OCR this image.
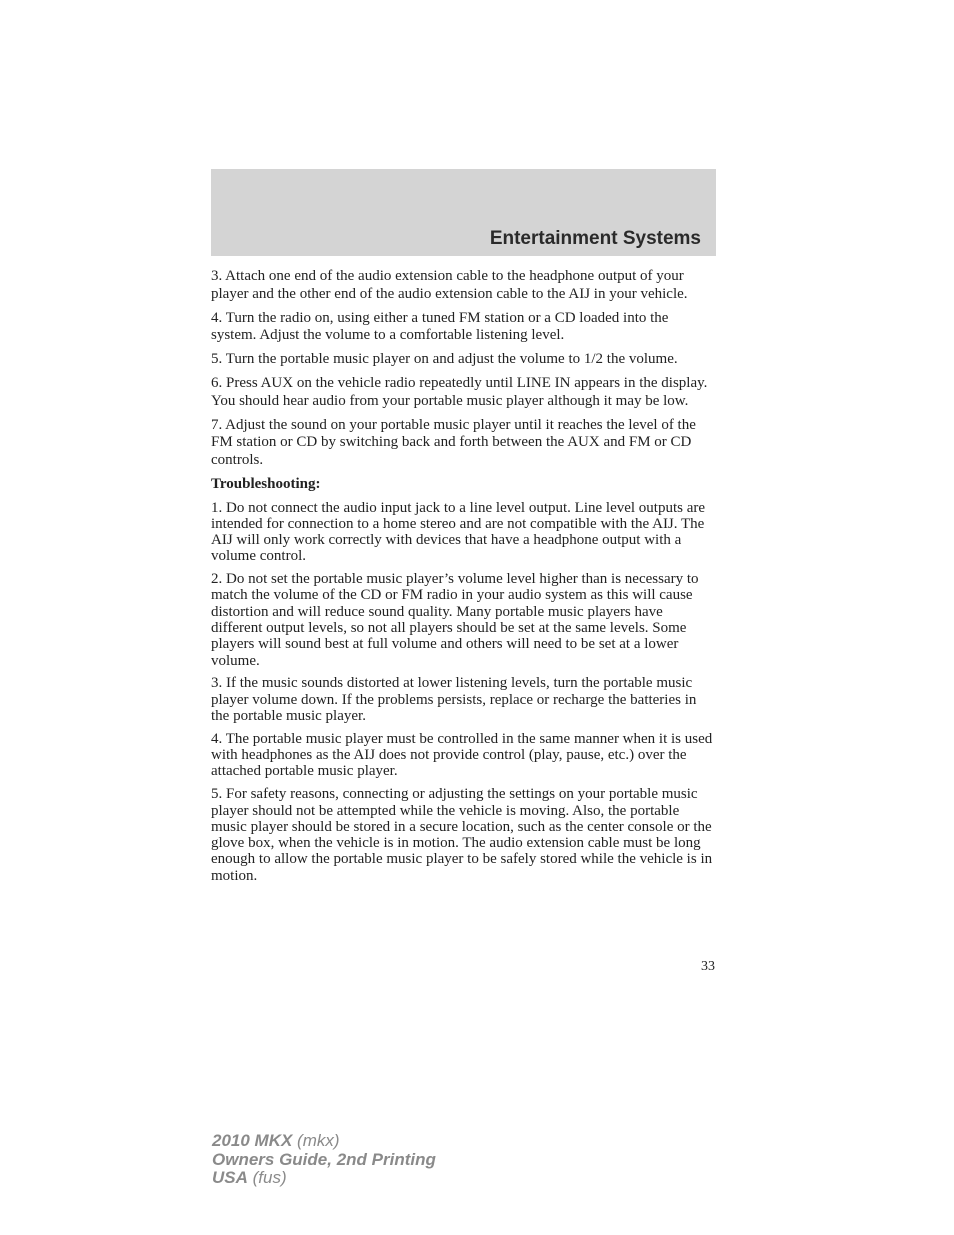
Entertainment Systems

3. Attach one end of the audio extension cable to the headphone output of your player and the other end of the audio extension cable to the AIJ in your vehicle.

4. Turn the radio on, using either a tuned FM station or a CD loaded into the system. Adjust the volume to a comfortable listening level.

5. Turn the portable music player on and adjust the volume to 1/2 the volume.

6. Press AUX on the vehicle radio repeatedly until LINE IN appears in the display.

You should hear audio from your portable music player although it may be low.

7. Adjust the sound on your portable music player until it reaches the level of the FM station or CD by switching back and forth between the AUX and FM or CD controls.

Troubleshooting:

1. Do not connect the audio input jack to a line level output. Line level outputs are intended for connection to a home stereo and are not compatible with the AIJ. The AIJ will only work correctly with devices that have a headphone output with a volume control.

2. Do not set the portable music player’s volume level higher than is necessary to match the volume of the CD or FM radio in your audio system as this will cause distortion and will reduce sound quality. Many portable music players have different output levels, so not all players should be set at the same levels. Some players will sound best at full volume and others will need to be set at a lower volume.

3. If the music sounds distorted at lower listening levels, turn the portable music player volume down. If the problems persists, replace or recharge the batteries in the portable music player.

4. The portable music player must be controlled in the same manner when it is used with headphones as the AIJ does not provide control (play, pause, etc.) over the attached portable music player.

5. For safety reasons, connecting or adjusting the settings on your portable music player should not be attempted while the vehicle is moving. Also, the portable music player should be stored in a secure location, such as the center console or the glove box, when the vehicle is in motion. The audio extension cable must be long enough to allow the portable music player to be safely stored while the vehicle is in motion.

33
2010 MKX (mkx)
Owners Guide, 2nd Printing
USA (fus)
